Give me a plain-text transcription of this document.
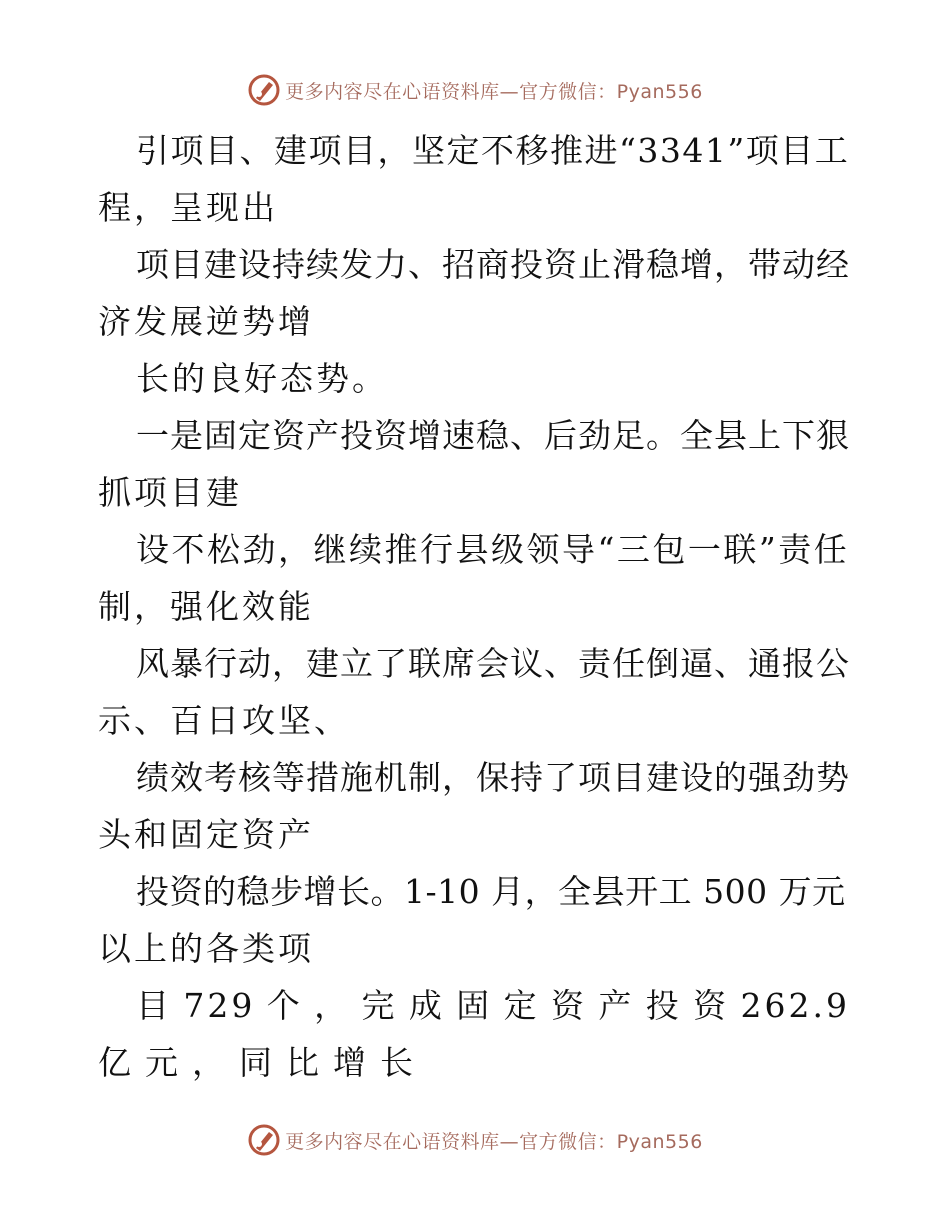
更多内容尽在心语资料库—官方微信：Pyan556
引项目、建项目，坚定不移推进“3341”项目工
程，呈现出
项目建设持续发力、招商投资止滑稳增，带动经
济发展逆势增
长的良好态势。
一是固定资产投资增速稳、后劲足。全县上下狠
抓项目建
设不松劲，继续推行县级领导“三包一联”责任
制，强化效能
风暴行动，建立了联席会议、责任倒逼、通报公
示、百日攻坚、
绩效考核等措施机制，保持了项目建设的强劲势
头和固定资产
投资的稳步增长。1-10 月，全县开工 500 万元
以上的各类项
目729个，完成固定资产投资262.9
亿元，同比增长
更多内容尽在心语资料库—官方微信：Pyan556
